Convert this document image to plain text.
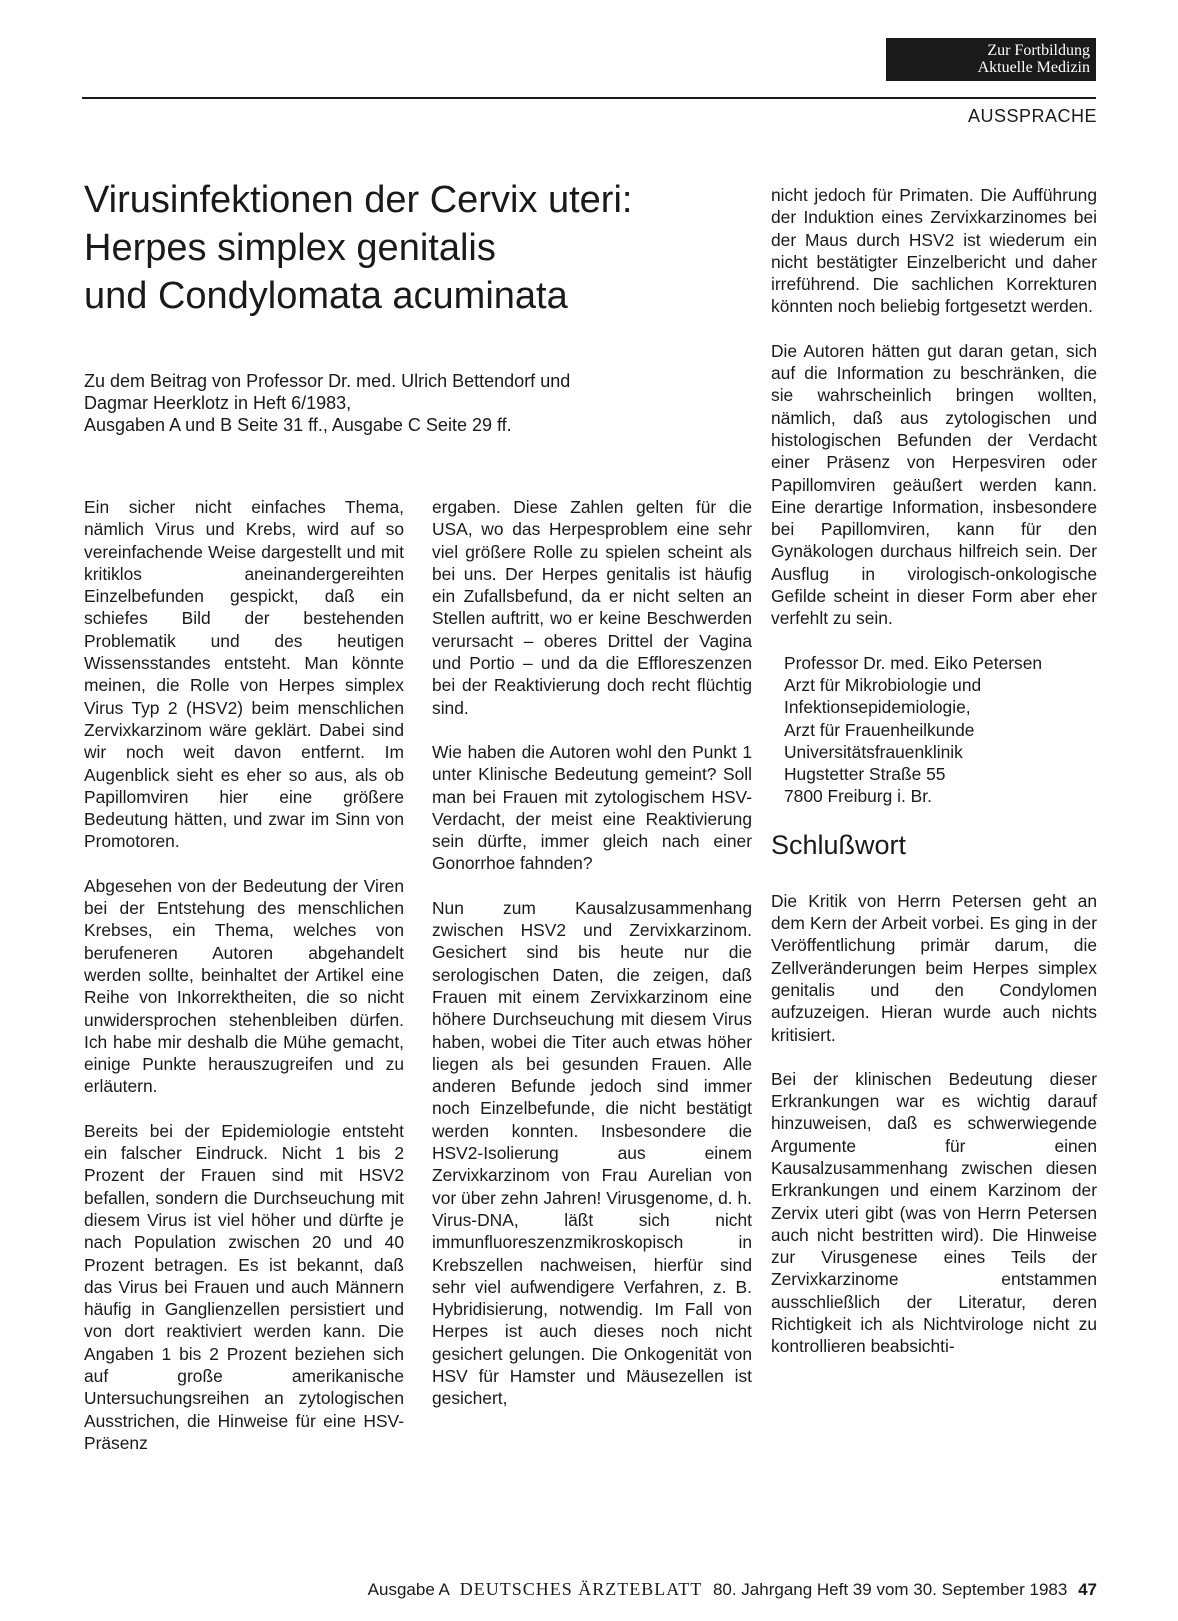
Zur Fortbildung
Aktuelle Medizin
AUSSPRACHE
Virusinfektionen der Cervix uteri:
Herpes simplex genitalis
und Condylomata acuminata
Zu dem Beitrag von Professor Dr. med. Ulrich Bettendorf und
Dagmar Heerklotz in Heft 6/1983,
Ausgaben A und B Seite 31 ff., Ausgabe C Seite 29 ff.

Ein sicher nicht einfaches Thema, nämlich Virus und Krebs, wird auf so vereinfachende Weise dargestellt und mit kritiklos aneinandergereihten Einzelbefunden gespickt, daß ein schiefes Bild der bestehenden Problematik und des heutigen Wissensstandes entsteht. Man könnte meinen, die Rolle von Herpes simplex Virus Typ 2 (HSV2) beim menschlichen Zervixkarzinom wäre geklärt. Dabei sind wir noch weit davon entfernt. Im Augenblick sieht es eher so aus, als ob Papillomviren hier eine größere Bedeutung hätten, und zwar im Sinn von Promotoren.

Abgesehen von der Bedeutung der Viren bei der Entstehung des menschlichen Krebses, ein Thema, welches von berufeneren Autoren abgehandelt werden sollte, beinhaltet der Artikel eine Reihe von Inkorrektheiten, die so nicht unwidersprochen stehenbleiben dürfen. Ich habe mir deshalb die Mühe gemacht, einige Punkte herauszugreifen und zu erläutern.

Bereits bei der Epidemiologie entsteht ein falscher Eindruck. Nicht 1 bis 2 Prozent der Frauen sind mit HSV2 befallen, sondern die Durchseuchung mit diesem Virus ist viel höher und dürfte je nach Population zwischen 20 und 40 Prozent betragen. Es ist bekannt, daß das Virus bei Frauen und auch Männern häufig in Ganglienzellen persistiert und von dort reaktiviert werden kann. Die Angaben 1 bis 2 Prozent beziehen sich auf große amerikanische Untersuchungsreihen an zytologischen Ausstrichen, die Hinweise für eine HSV-Präsenz

ergaben. Diese Zahlen gelten für die USA, wo das Herpesproblem eine sehr viel größere Rolle zu spielen scheint als bei uns. Der Herpes genitalis ist häufig ein Zufallsbefund, da er nicht selten an Stellen auftritt, wo er keine Beschwerden verursacht – oberes Drittel der Vagina und Portio – und da die Effloreszenzen bei der Reaktivierung doch recht flüchtig sind.

Wie haben die Autoren wohl den Punkt 1 unter Klinische Bedeutung gemeint? Soll man bei Frauen mit zytologischem HSV-Verdacht, der meist eine Reaktivierung sein dürfte, immer gleich nach einer Gonorrhoe fahnden?

Nun zum Kausalzusammenhang zwischen HSV2 und Zervixkarzinom. Gesichert sind bis heute nur die serologischen Daten, die zeigen, daß Frauen mit einem Zervixkarzinom eine höhere Durchseuchung mit diesem Virus haben, wobei die Titer auch etwas höher liegen als bei gesunden Frauen. Alle anderen Befunde jedoch sind immer noch Einzelbefunde, die nicht bestätigt werden konnten. Insbesondere die HSV2-Isolierung aus einem Zervixkarzinom von Frau Aurelian von vor über zehn Jahren! Virusgenome, d. h. Virus-DNA, läßt sich nicht immunfluoreszenzmikroskopisch in Krebszellen nachweisen, hierfür sind sehr viel aufwendigere Verfahren, z. B. Hybridisierung, notwendig. Im Fall von Herpes ist auch dieses noch nicht gesichert gelungen. Die Onkogenität von HSV für Hamster und Mäusezellen ist gesichert,

nicht jedoch für Primaten. Die Aufführung der Induktion eines Zervixkarzinomes bei der Maus durch HSV2 ist wiederum ein nicht bestätigter Einzelbericht und daher irreführend. Die sachlichen Korrekturen könnten noch beliebig fortgesetzt werden.

Die Autoren hätten gut daran getan, sich auf die Information zu beschränken, die sie wahrscheinlich bringen wollten, nämlich, daß aus zytologischen und histologischen Befunden der Verdacht einer Präsenz von Herpesviren oder Papillomviren geäußert werden kann. Eine derartige Information, insbesondere bei Papillomviren, kann für den Gynäkologen durchaus hilfreich sein. Der Ausflug in virologisch-onkologische Gefilde scheint in dieser Form aber eher verfehlt zu sein.

Professor Dr. med. Eiko Petersen
Arzt für Mikrobiologie und
Infektionsepidemiologie,
Arzt für Frauenheilkunde
Universitätsfrauenklinik
Hugstetter Straße 55
7800 Freiburg i. Br.
Schlußwort

Die Kritik von Herrn Petersen geht an dem Kern der Arbeit vorbei. Es ging in der Veröffentlichung primär darum, die Zellveränderungen beim Herpes simplex genitalis und den Condylomen aufzuzeigen. Hieran wurde auch nichts kritisiert.

Bei der klinischen Bedeutung dieser Erkrankungen war es wichtig darauf hinzuweisen, daß es schwerwiegende Argumente für einen Kausalzusammenhang zwischen diesen Erkrankungen und einem Karzinom der Zervix uteri gibt (was von Herrn Petersen auch nicht bestritten wird). Die Hinweise zur Virusgenese eines Teils der Zervixkarzinome entstammen ausschließlich der Literatur, deren Richtigkeit ich als Nichtvirologe nicht zu kontrollieren beabsichti-

Ausgabe A DEUTSCHES ÄRZTEBLATT 80. Jahrgang Heft 39 vom 30. September 1983 47
